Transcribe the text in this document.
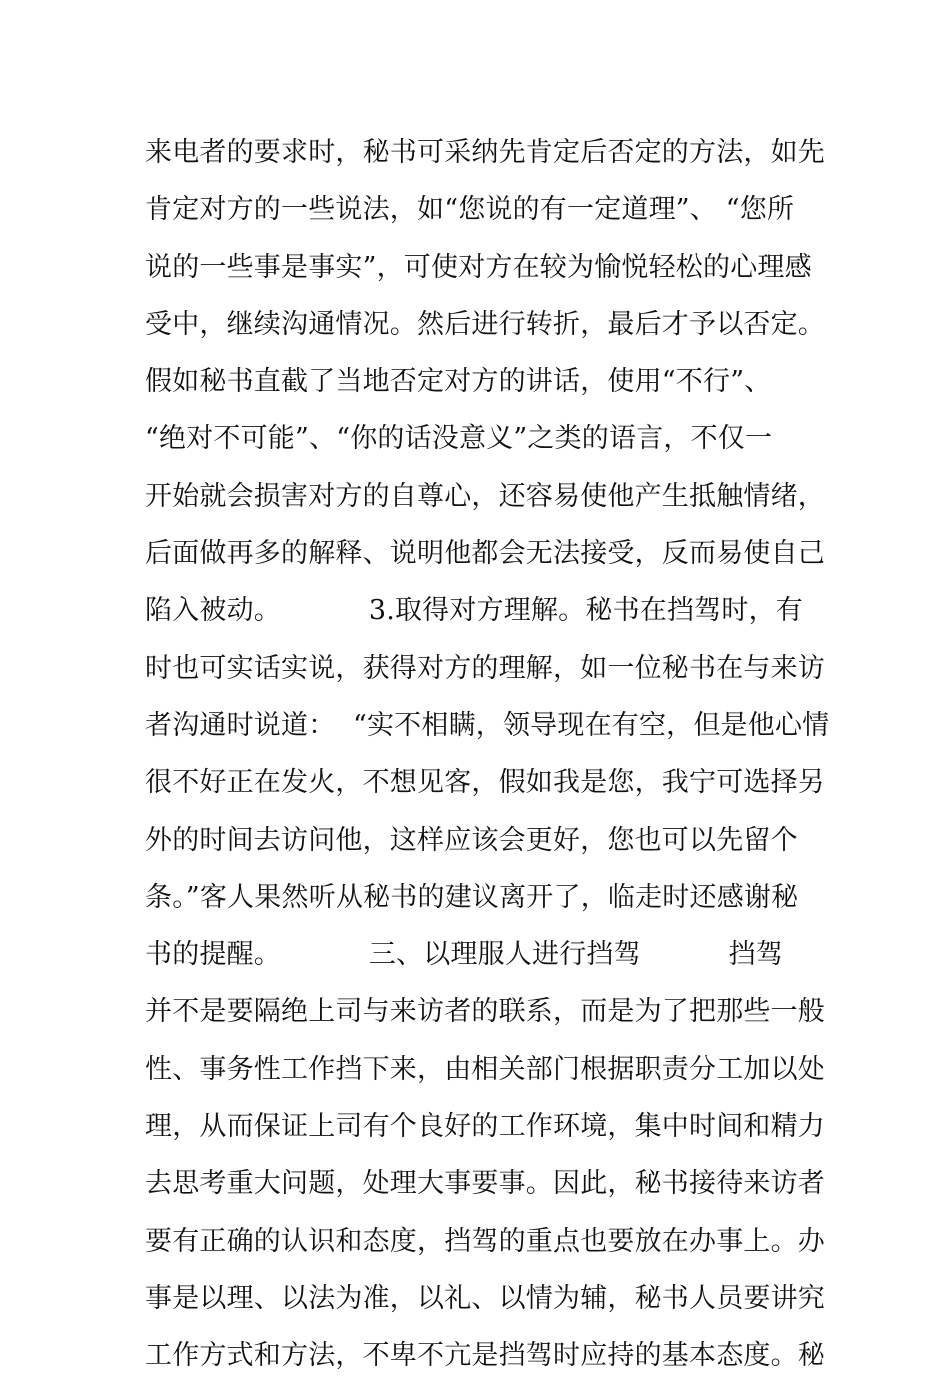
来电者的要求时，秘书可采纳先肯定后否定的方法，如先
肯定对方的一些说法，如“您说的有一定道理”、 “您所
说的一些事是事实”，可使对方在较为愉悦轻松的心理感
受中，继续沟通情况。然后进行转折，最后才予以否定。
假如秘书直截了当地否定对方的讲话，使用“不行”、
“绝对不可能”、“你的话没意义”之类的语言，不仅一
开始就会损害对方的自尊心，还容易使他产生抵触情绪，
后面做再多的解释、说明他都会无法接受，反而易使自己
陷入被动。          3.取得对方理解。秘书在挡驾时，有
时也可实话实说，获得对方的理解，如一位秘书在与来访
者沟通时说道：  “实不相瞒，领导现在有空，但是他心情
很不好正在发火，不想见客，假如我是您，我宁可选择另
外的时间去访问他，这样应该会更好，您也可以先留个
条。”客人果然听从秘书的建议离开了，临走时还感谢秘
书的提醒。          三、以理服人进行挡驾          挡驾
并不是要隔绝上司与来访者的联系，而是为了把那些一般
性、事务性工作挡下来，由相关部门根据职责分工加以处
理，从而保证上司有个良好的工作环境，集中时间和精力
去思考重大问题，处理大事要事。因此，秘书接待来访者
要有正确的认识和态度，挡驾的重点也要放在办事上。办
事是以理、以法为准，以礼、以情为辅，秘书人员要讲究
工作方式和方法，不卑不亢是挡驾时应持的基本态度。秘
